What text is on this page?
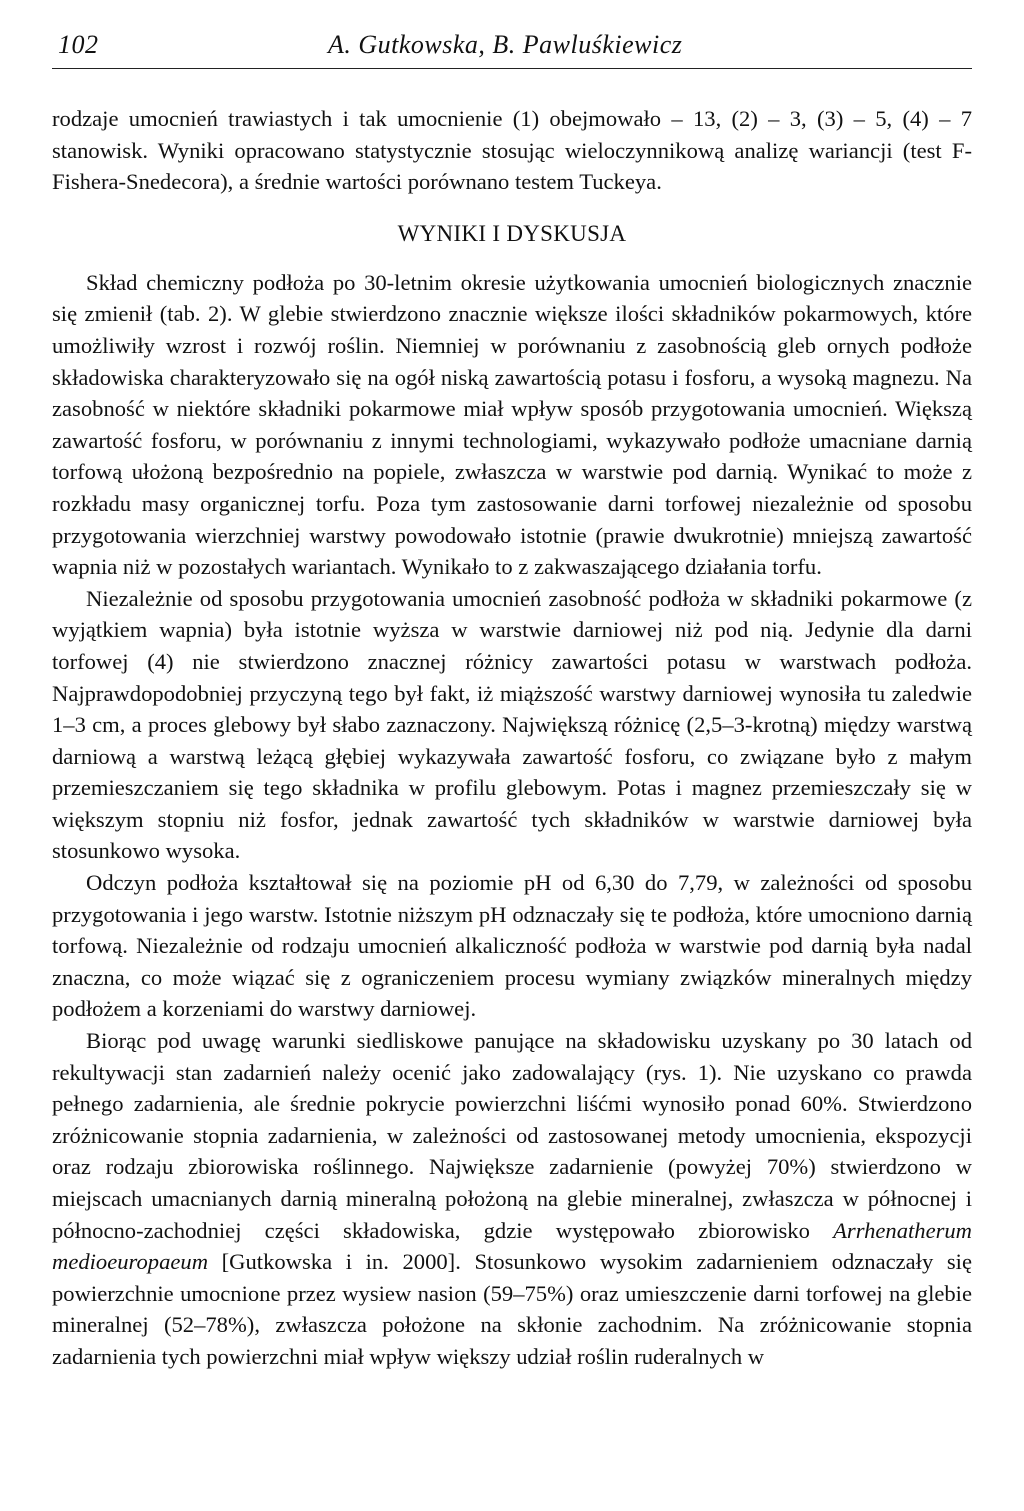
102	A. Gutkowska, B. Pawluśkiewicz

rodzaje umocnień trawiastych i tak umocnienie (1) obejmowało – 13, (2) – 3, (3) – 5, (4) – 7 stanowisk. Wyniki opracowano statystycznie stosując wieloczynnikową analizę wariancji (test F-Fishera-Snedecora), a średnie wartości porównano testem Tuckeya.

WYNIKI I DYSKUSJA

Skład chemiczny podłoża po 30-letnim okresie użytkowania umocnień biologicznych znacznie się zmienił (tab. 2). W glebie stwierdzono znacznie większe ilości składników pokarmowych, które umożliwiły wzrost i rozwój roślin. Niemniej w porównaniu z zasobnością gleb ornych podłoże składowiska charakteryzowało się na ogół niską zawartością potasu i fosforu, a wysoką magnezu. Na zasobność w niektóre składniki pokarmowe miał wpływ sposób przygotowania umocnień. Większą zawartość fosforu, w porównaniu z innymi technologiami, wykazywało podłoże umacniane darnią torfową ułożoną bezpośrednio na popiele, zwłaszcza w warstwie pod darnią. Wynikać to może z rozkładu masy organicznej torfu. Poza tym zastosowanie darni torfowej niezależnie od sposobu przygotowania wierzchniej warstwy powodowało istotnie (prawie dwukrotnie) mniejszą zawartość wapnia niż w pozostałych wariantach. Wynikało to z zakwaszającego działania torfu.

Niezależnie od sposobu przygotowania umocnień zasobność podłoża w składniki pokarmowe (z wyjątkiem wapnia) była istotnie wyższa w warstwie darniowej niż pod nią. Jedynie dla darni torfowej (4) nie stwierdzono znacznej różnicy zawartości potasu w warstwach podłoża. Najprawdopodobniej przyczyną tego był fakt, iż miąższość warstwy darniowej wynosiła tu zaledwie 1–3 cm, a proces glebowy był słabo zaznaczony. Największą różnicę (2,5–3-krotną) między warstwą darniową a warstwą leżącą głębiej wykazywała zawartość fosforu, co związane było z małym przemieszczaniem się tego składnika w profilu glebowym. Potas i magnez przemieszczały się w większym stopniu niż fosfor, jednak zawartość tych składników w warstwie darniowej była stosunkowo wysoka.

Odczyn podłoża kształtował się na poziomie pH od 6,30 do 7,79, w zależności od sposobu przygotowania i jego warstw. Istotnie niższym pH odznaczały się te podłoża, które umocniono darnią torfową. Niezależnie od rodzaju umocnień alkaliczność podłoża w warstwie pod darnią była nadal znaczna, co może wiązać się z ograniczeniem procesu wymiany związków mineralnych między podłożem a korzeniami do warstwy darniowej.

Biorąc pod uwagę warunki siedliskowe panujące na składowisku uzyskany po 30 latach od rekultywacji stan zadarnień należy ocenić jako zadowalający (rys. 1). Nie uzyskano co prawda pełnego zadarnienia, ale średnie pokrycie powierzchni liśćmi wynosiło ponad 60%. Stwierdzono zróżnicowanie stopnia zadarnienia, w zależności od zastosowanej metody umocnienia, ekspozycji oraz rodzaju zbiorowiska roślinnego. Największe zadarnienie (powyżej 70%) stwierdzono w miejscach umacnianych darnią mineralną położoną na glebie mineralnej, zwłaszcza w północnej i północno-zachodniej części składowiska, gdzie występowało zbiorowisko Arrhenatherum medioeuropaeum [Gutkowska i in. 2000]. Stosunkowo wysokim zadarnieniem odznaczały się powierzchnie umocnione przez wysiew nasion (59–75%) oraz umieszczenie darni torfowej na glebie mineralnej (52–78%), zwłaszcza położone na skłonie zachodnim. Na zróżnicowanie stopnia zadarnienia tych powierzchni miał wpływ większy udział roślin ruderalnych w
